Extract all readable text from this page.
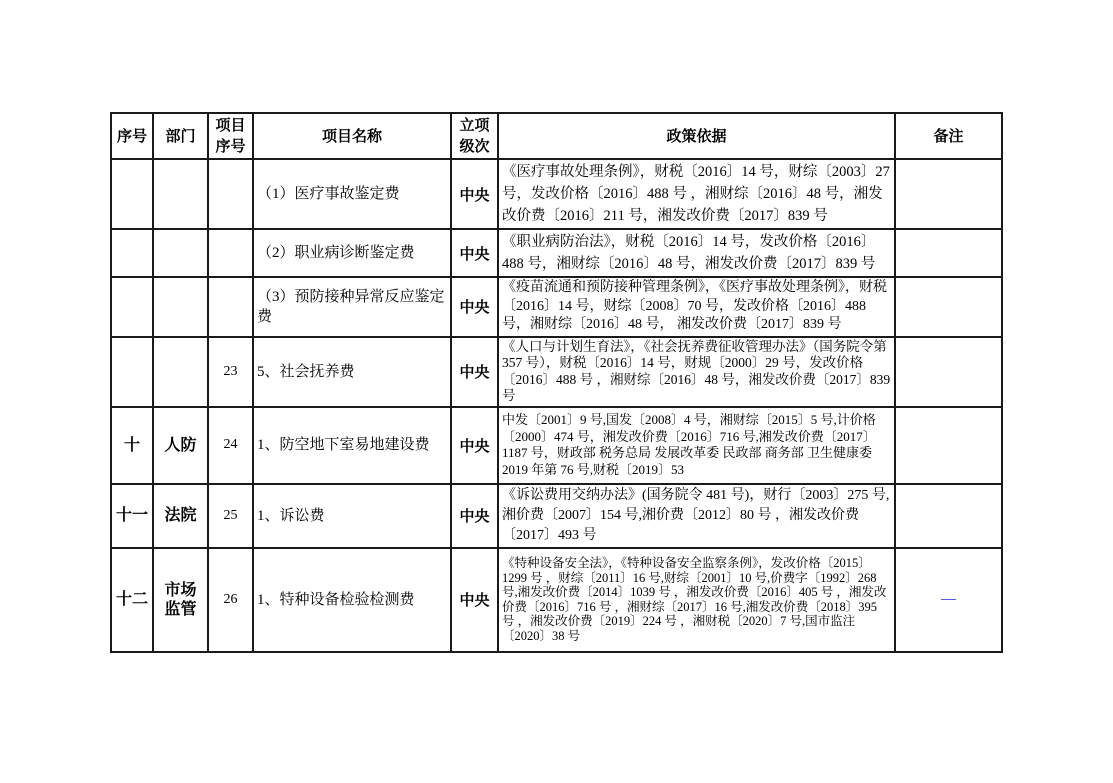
序号	部门	项目序号	项目名称	立项级次	政策依据	备注
			（1）医疗事故鉴定费	中央	《医疗事故处理条例》，财税〔2016〕14 号，财综〔2003〕27 号，发改价格〔2016〕488 号 ，湘财综〔2016〕48 号，湘发改价费〔2016〕211 号，湘发改价费〔2017〕839 号	
			（2）职业病诊断鉴定费	中央	《职业病防治法》，财税〔2016〕14 号，发改价格〔2016〕488 号，湘财综〔2016〕48 号，湘发改价费〔2017〕839 号	
			（3）预防接种异常反应鉴定费	中央	《疫苗流通和预防接种管理条例》，《医疗事故处理条例》，财税〔2016〕14 号，财综〔2008〕70 号，发改价格〔2016〕488 号，湘财综〔2016〕48 号， 湘发改价费〔2017〕839 号	
		23	5、社会抚养费	中央	《人口与计划生育法》，《社会抚养费征收管理办法》（国务院令第 357 号），财税〔2016〕14 号，财规〔2000〕29 号，发改价格〔2016〕488 号 ，湘财综〔2016〕48 号，湘发改价费〔2017〕839 号	
十	人防	24	1、防空地下室易地建设费	中央	中发〔2001〕9 号,国发〔2008〕4 号，湘财综〔2015〕5 号,计价格〔2000〕474 号，湘发改价费〔2016〕716 号,湘发改价费〔2017〕1187 号，财政部 税务总局 发展改革委 民政部 商务部 卫生健康委 2019 年第 76 号,财税〔2019〕53	
十一	法院	25	1、诉讼费	中央	《诉讼费用交纳办法》(国务院令 481 号)，财行〔2003〕275 号,湘价费〔2007〕154 号,湘价费〔2012〕80 号 ，湘发改价费〔2017〕493 号	
十二	市场监管	26	1、特种设备检验检测费	中央	《特种设备安全法》，《特种设备安全监察条例》，发改价格〔2015〕1299 号 ，财综〔2011〕16 号,财综〔2001〕10 号,价费字〔1992〕268 号,湘发改价费〔2014〕1039 号 ，湘发改价费〔2016〕405 号 ，湘发改价费〔2016〕716 号 ，湘财综〔2017〕16 号,湘发改价费〔2018〕395 号 ，湘发改价费〔2019〕224 号 ，湘财税〔2020〕7 号,国市监注〔2020〕38 号	—
